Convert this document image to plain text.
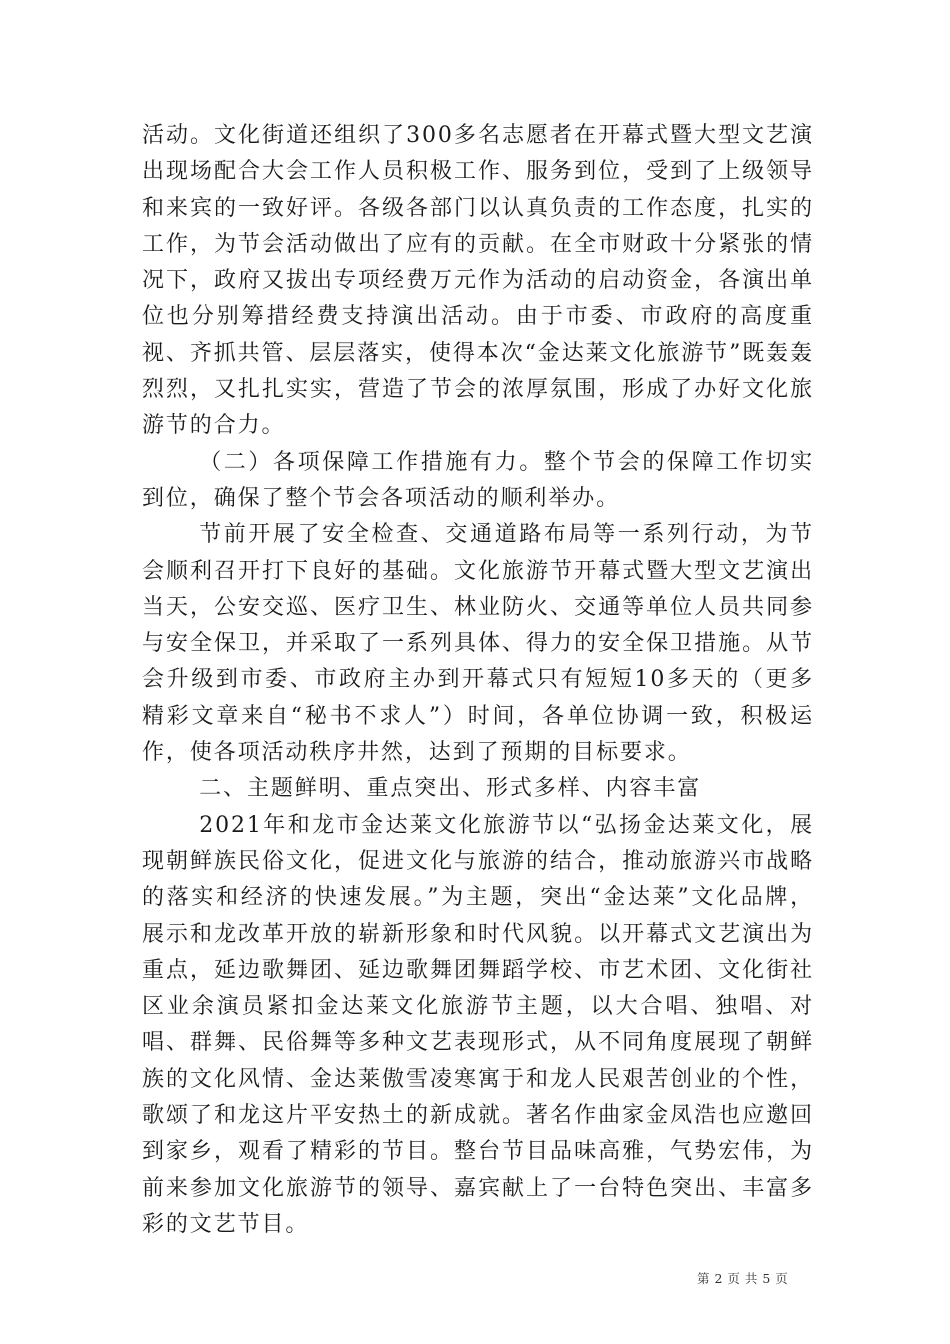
活动。文化街道还组织了300多名志愿者在开幕式暨大型文艺演出现场配合大会工作人员积极工作、服务到位，受到了上级领导和来宾的一致好评。各级各部门以认真负责的工作态度，扎实的工作，为节会活动做出了应有的贡献。在全市财政十分紧张的情况下，政府又拔出专项经费万元作为活动的启动资金，各演出单位也分别筹措经费支持演出活动。由于市委、市政府的高度重视、齐抓共管、层层落实，使得本次“金达莱文化旅游节”既轰轰烈烈，又扎扎实实，营造了节会的浓厚氛围，形成了办好文化旅游节的合力。

（二）各项保障工作措施有力。整个节会的保障工作切实到位，确保了整个节会各项活动的顺利举办。

节前开展了安全检查、交通道路布局等一系列行动，为节会顺利召开打下良好的基础。文化旅游节开幕式暨大型文艺演出当天，公安交巡、医疗卫生、林业防火、交通等单位人员共同参与安全保卫，并采取了一系列具体、得力的安全保卫措施。从节会升级到市委、市政府主办到开幕式只有短短10多天的（更多精彩文章来自“秘书不求人”）时间，各单位协调一致，积极运作，使各项活动秩序井然，达到了预期的目标要求。

二、主题鲜明、重点突出、形式多样、内容丰富

2021年和龙市金达莱文化旅游节以“弘扬金达莱文化，展现朝鲜族民俗文化，促进文化与旅游的结合，推动旅游兴市战略的落实和经济的快速发展。”为主题，突出“金达莱”文化品牌，展示和龙改革开放的崭新形象和时代风貌。以开幕式文艺演出为重点，延边歌舞团、延边歌舞团舞蹈学校、市艺术团、文化街社区业余演员紧扣金达莱文化旅游节主题，以大合唱、独唱、对唱、群舞、民俗舞等多种文艺表现形式，从不同角度展现了朝鲜族的文化风情、金达莱傲雪凌寒寓于和龙人民艰苦创业的个性，歌颂了和龙这片平安热土的新成就。著名作曲家金凤浩也应邀回到家乡，观看了精彩的节目。整台节目品味高雅，气势宏伟，为前来参加文化旅游节的领导、嘉宾献上了一台特色突出、丰富多彩的文艺节目。

第 2 页 共 5 页
